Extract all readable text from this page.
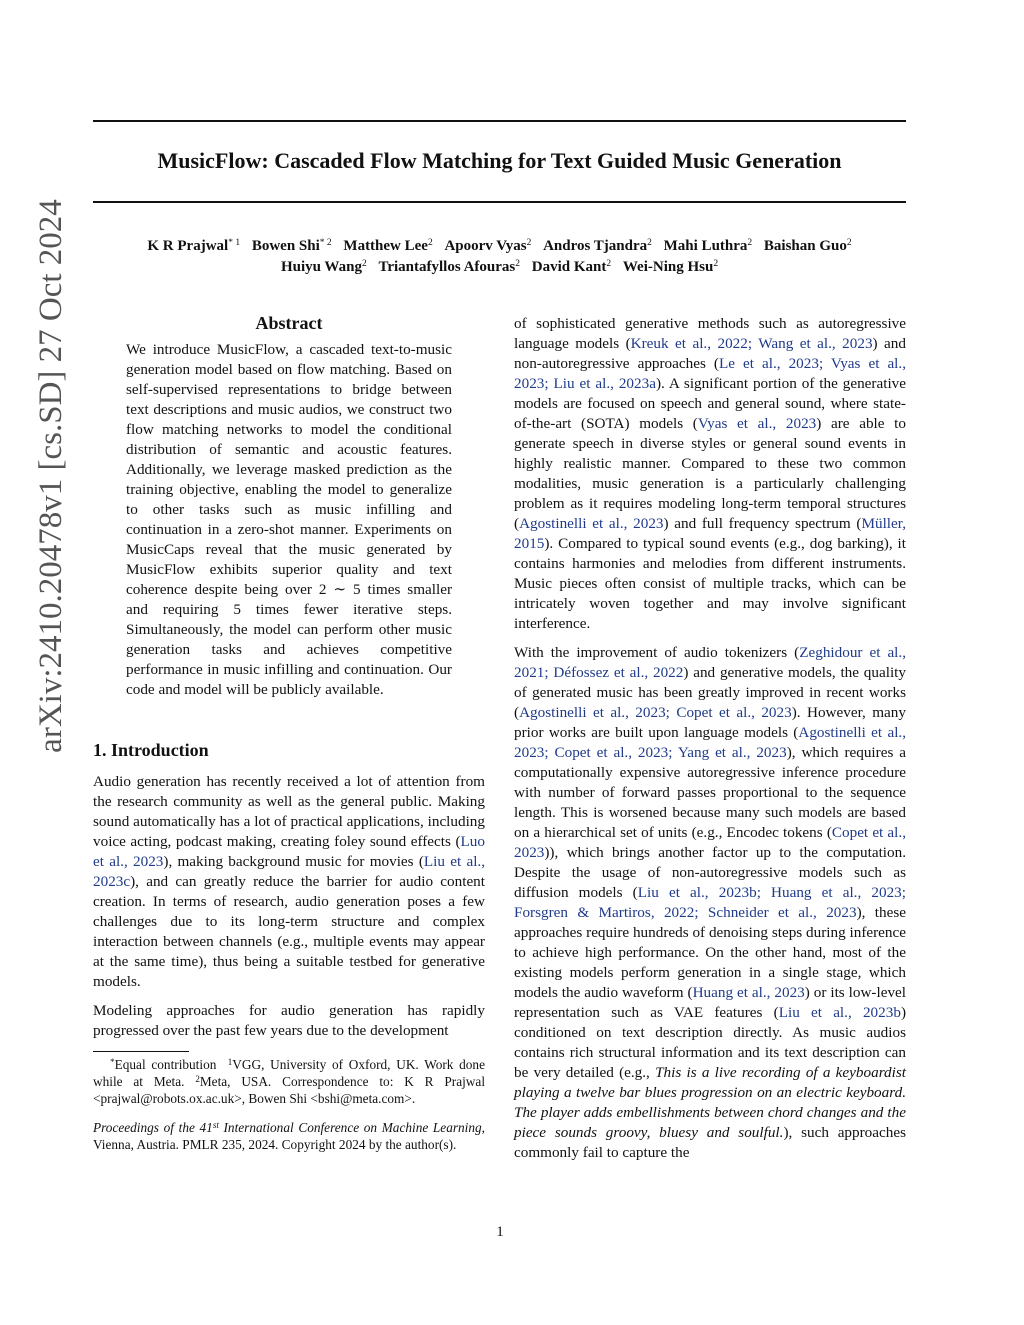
arXiv:2410.20478v1 [cs.SD] 27 Oct 2024
MusicFlow: Cascaded Flow Matching for Text Guided Music Generation
K R Prajwal$^{* 1}$ Bowen Shi$^{* 2}$ Matthew Lee$^2$ Apoorv Vyas$^2$ Andros Tjandra$^2$ Mahi Luthra$^2$ Baishan Guo$^2$
Huiyu Wang$^2$ Triantafyllos Afouras$^2$ David Kant$^2$ Wei-Ning Hsu$^2$
Abstract

We introduce MusicFlow, a cascaded text-to-music generation model based on flow matching. Based on self-supervised representations to bridge between text descriptions and music audios, we construct two flow matching networks to model the conditional distribution of semantic and acoustic features. Additionally, we leverage masked prediction as the training objective, enabling the model to generalize to other tasks such as music infilling and continuation in a zero-shot manner. Experiments on MusicCaps reveal that the music generated by MusicFlow exhibits superior quality and text coherence despite being over 2 ∼ 5 times smaller and requiring 5 times fewer iterative steps. Simultaneously, the model can perform other music generation tasks and achieves competitive performance in music infilling and continuation. Our code and model will be publicly available.

1. Introduction

Audio generation has recently received a lot of attention from the research community as well as the general public. Making sound automatically has a lot of practical applications, including voice acting, podcast making, creating foley sound effects (Luo et al., 2023), making background music for movies (Liu et al., 2023c), and can greatly reduce the barrier for audio content creation. In terms of research, audio generation poses a few challenges due to its long-term structure and complex interaction between channels (e.g., multiple events may appear at the same time), thus being a suitable testbed for generative models.

Modeling approaches for audio generation has rapidly progressed over the past few years due to the development

*Equal contribution $^1$VGG, University of Oxford, UK. Work done while at Meta. $^2$Meta, USA. Correspondence to: K R Prajwal <prajwal@robots.ox.ac.uk>, Bowen Shi <bshi@meta.com>.

Proceedings of the 41st International Conference on Machine Learning, Vienna, Austria. PMLR 235, 2024. Copyright 2024 by the author(s).

of sophisticated generative methods such as autoregressive language models (Kreuk et al., 2022; Wang et al., 2023) and non-autoregressive approaches (Le et al., 2023; Vyas et al., 2023; Liu et al., 2023a). A significant portion of the generative models are focused on speech and general sound, where state-of-the-art (SOTA) models (Vyas et al., 2023) are able to generate speech in diverse styles or general sound events in highly realistic manner. Compared to these two common modalities, music generation is a particularly challenging problem as it requires modeling long-term temporal structures (Agostinelli et al., 2023) and full frequency spectrum (Müller, 2015). Compared to typical sound events (e.g., dog barking), it contains harmonies and melodies from different instruments. Music pieces often consist of multiple tracks, which can be intricately woven together and may involve significant interference.

With the improvement of audio tokenizers (Zeghidour et al., 2021; Défossez et al., 2022) and generative models, the quality of generated music has been greatly improved in recent works (Agostinelli et al., 2023; Copet et al., 2023). However, many prior works are built upon language models (Agostinelli et al., 2023; Copet et al., 2023; Yang et al., 2023), which requires a computationally expensive autoregressive inference procedure with number of forward passes proportional to the sequence length. This is worsened because many such models are based on a hierarchical set of units (e.g., Encodec tokens (Copet et al., 2023)), which brings another factor up to the computation. Despite the usage of non-autoregressive models such as diffusion models (Liu et al., 2023b; Huang et al., 2023; Forsgren & Martiros, 2022; Schneider et al., 2023), these approaches require hundreds of denoising steps during inference to achieve high performance. On the other hand, most of the existing models perform generation in a single stage, which models the audio waveform (Huang et al., 2023) or its low-level representation such as VAE features (Liu et al., 2023b) conditioned on text description directly. As music audios contains rich structural information and its text description can be very detailed (e.g., This is a live recording of a keyboardist playing a twelve bar blues progression on an electric keyboard. The player adds embellishments between chord changes and the piece sounds groovy, bluesy and soulful.), such approaches commonly fail to capture the

1
